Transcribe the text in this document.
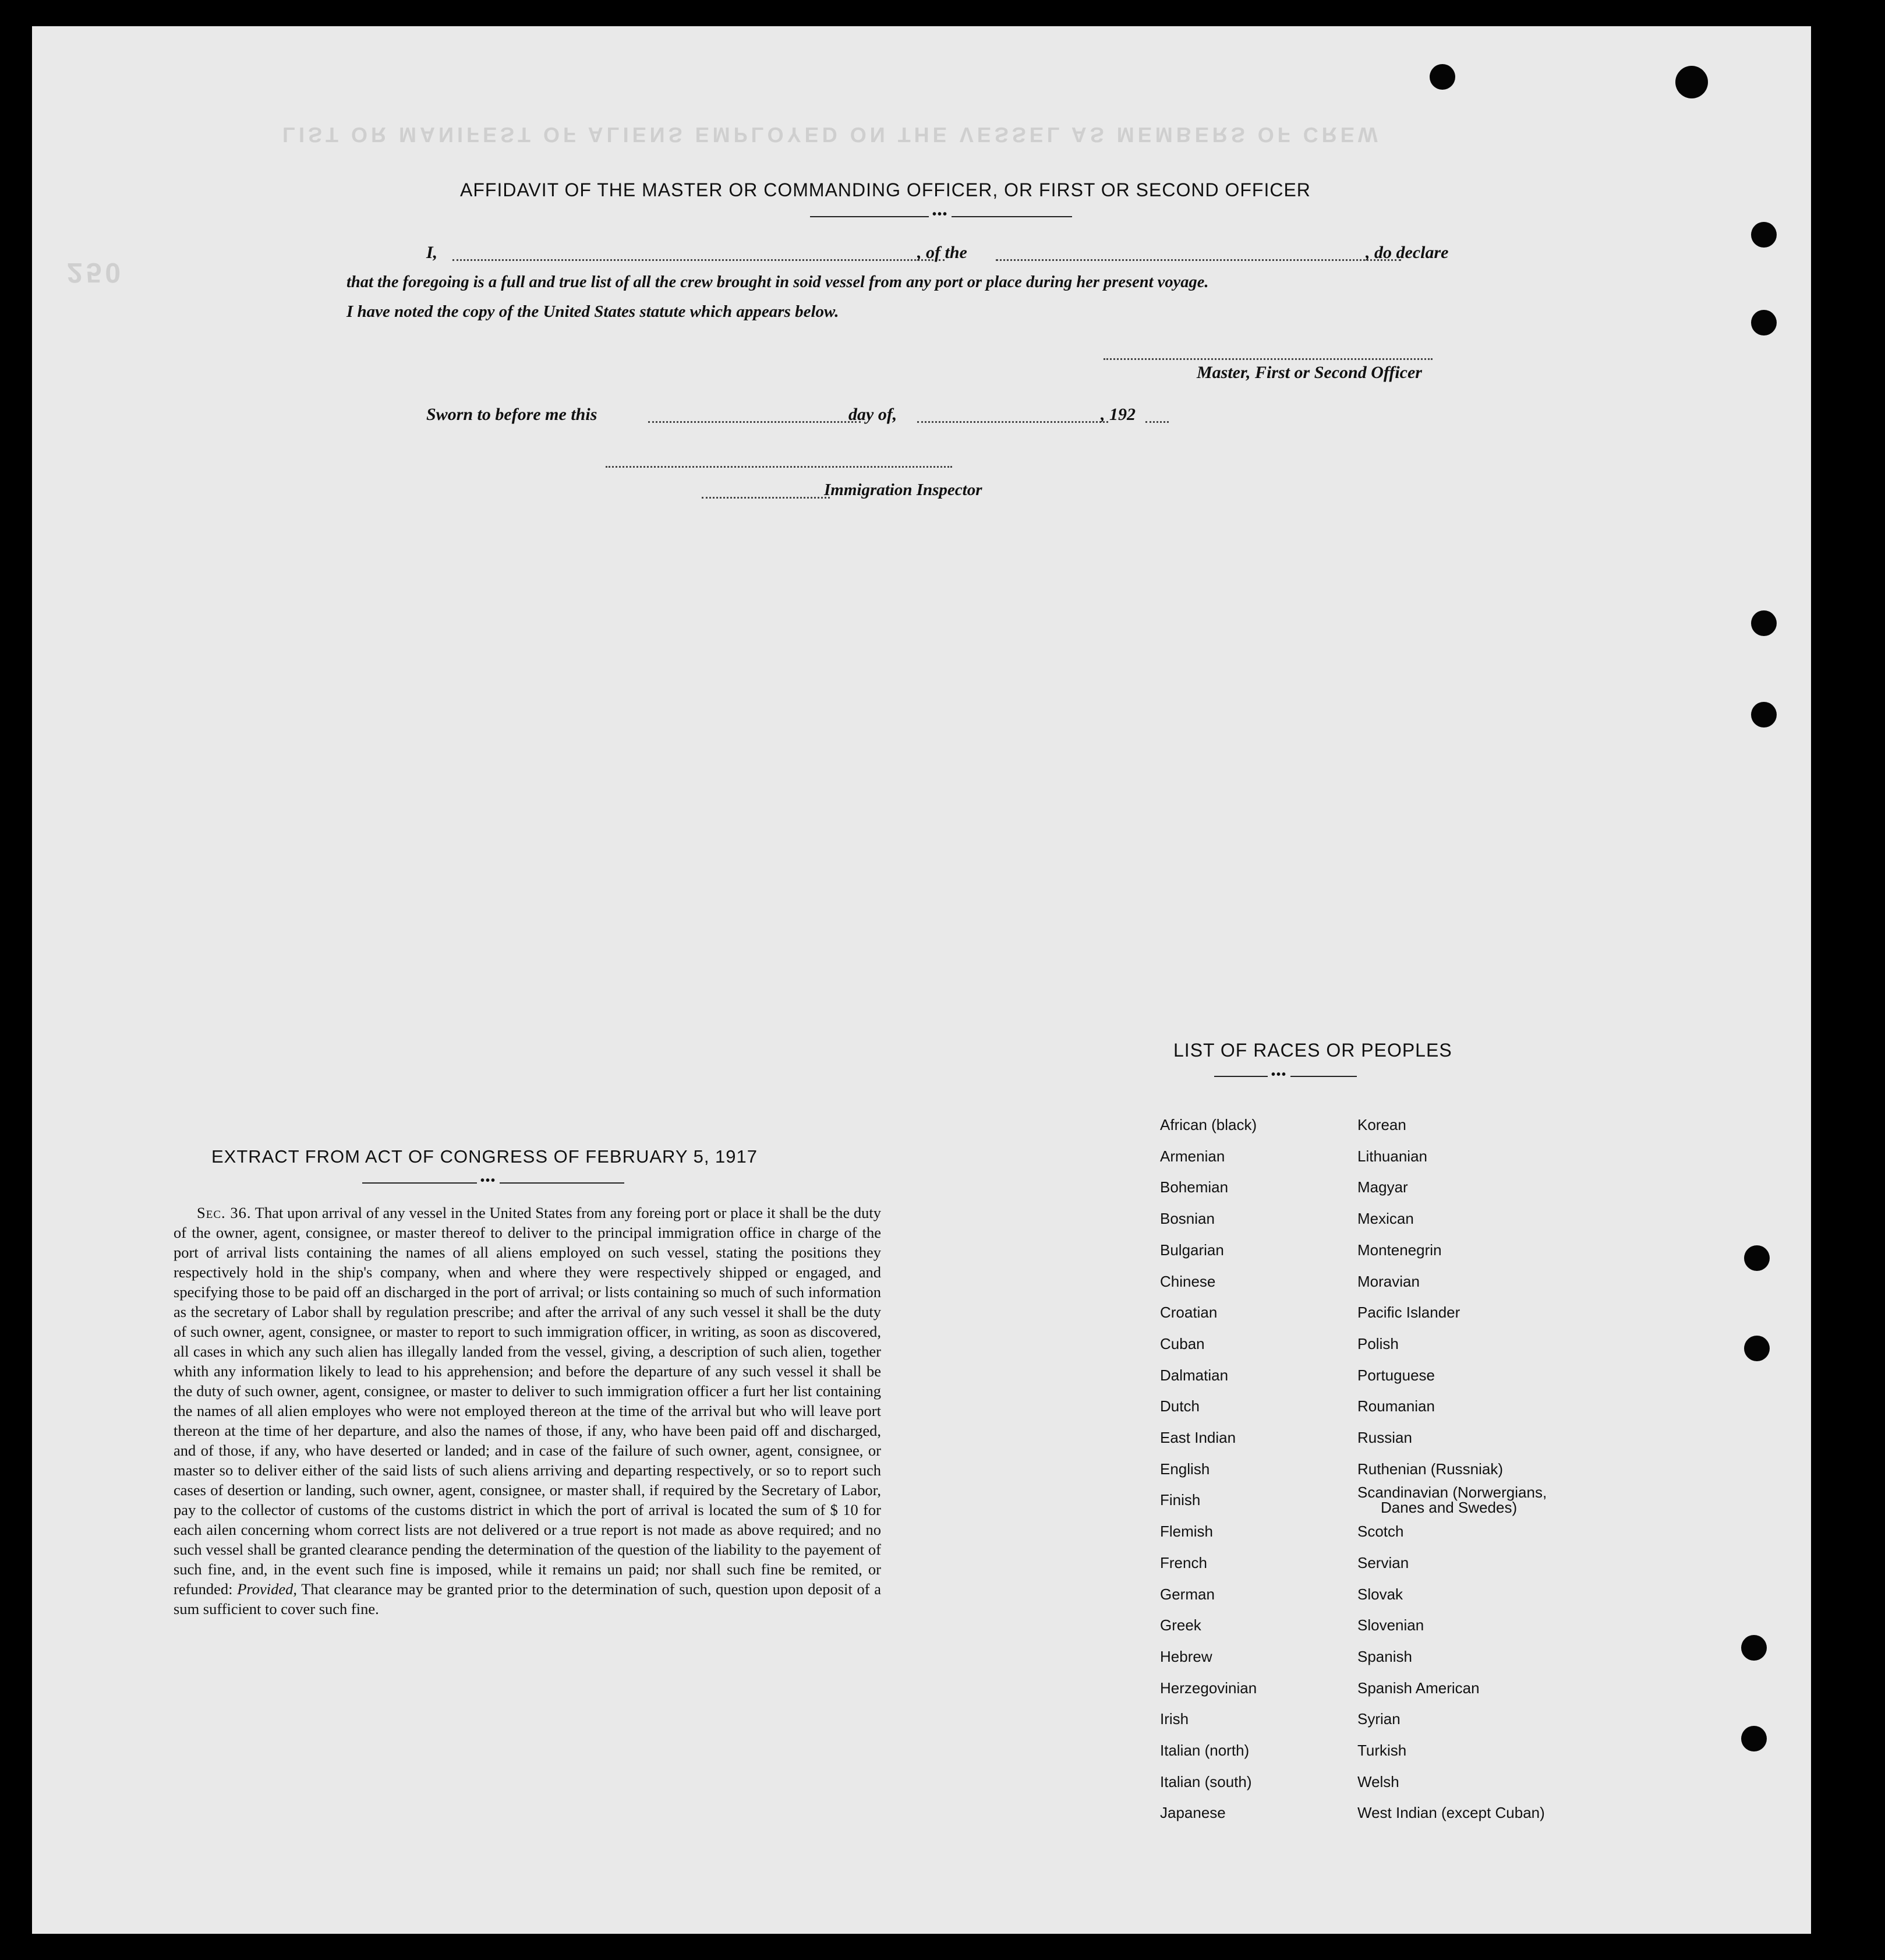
LIST OR MANIFEST OF ALIENS EMPLOYED ON THE VESSEL AS MEMBERS OF CREW
250
AFFIDAVIT OF THE MASTER OR COMMANDING OFFICER, OR FIRST OR SECOND OFFICER
•••
I,	, of the	, do declare
that the foregoing is a full and true list of all the crew brought in soid vessel from any port or place during her present voyage.
I have noted the copy of the United States statute which appears below.
Master, First or Second Officer
Sworn to before me this	day of,	, 192
Immigration Inspector
EXTRACT FROM ACT OF CONGRESS OF FEBRUARY 5, 1917
•••
Sec. 36. That upon arrival of any vessel in the United States from any foreing port or place it shall be the duty of the owner, agent, consignee, or master thereof to deliver to the principal immigration office in charge of the port of arrival lists containing the names of all aliens employed on such vessel, stating the positions they respectively hold in the ship's company, when and where they were respectively shipped or engaged, and specifying those to be paid off an discharged in the port of arrival; or lists containing so much of such information as the secretary of Labor shall by regulation prescribe; and after the arrival of any such vessel it shall be the duty of such owner, agent, consignee, or master to report to such immigration officer, in writing, as soon as discovered, all cases in which any such alien has illegally landed from the vessel, giving, a description of such alien, together whith any information likely to lead to his apprehension; and before the departure of any such vessel it shall be the duty of such owner, agent, consignee, or master to deliver to such immigration officer a furt her list containing the names of all alien employes who were not employed thereon at the time of the arrival but who will leave port thereon at the time of her departure, and also the names of those, if any, who have been paid off and discharged, and of those, if any, who have deserted or landed; and in case of the failure of such owner, agent, consignee, or master so to deliver either of the said lists of such aliens arriving and departing respectively, or so to report such cases of desertion or landing, such owner, agent, consignee, or master shall, if required by the Secretary of Labor, pay to the collector of customs of the customs district in which the port of arrival is located the sum of $ 10 for each ailen concerning whom correct lists are not delivered or a true report is not made as above required; and no such vessel shall be granted clearance pending the determination of the question of the liability to the payement of such fine, and, in the event such fine is imposed, while it remains un paid; nor shall such fine be remited, or refunded: Provided, That clearance may be granted prior to the determination of such, question upon deposit of a sum sufficient to cover such fine.
LIST OF RACES OR PEOPLES
•••
African (black)
Armenian
Bohemian
Bosnian
Bulgarian
Chinese
Croatian
Cuban
Dalmatian
Dutch
East Indian
English
Finish
Flemish
French
German
Greek
Hebrew
Herzegovinian
Irish
Italian (north)
Italian (south)
Japanese
Korean
Lithuanian
Magyar
Mexican
Montenegrin
Moravian
Pacific Islander
Polish
Portuguese
Roumanian
Russian
Ruthenian (Russniak)
Scandinavian (Norwergians,
Danes and Swedes)
Scotch
Servian
Slovak
Slovenian
Spanish
Spanish American
Syrian
Turkish
Welsh
West Indian (except Cuban)
